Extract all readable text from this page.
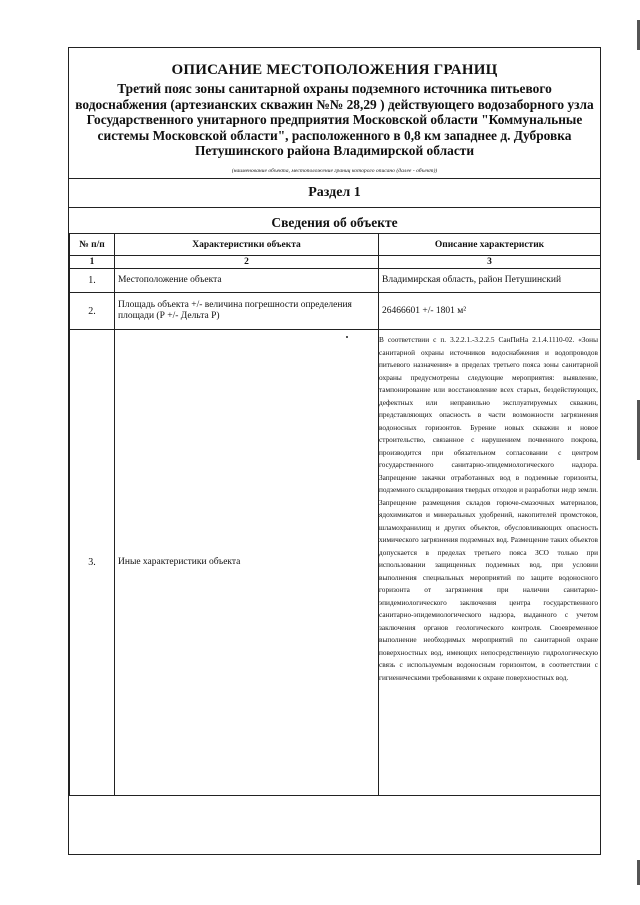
ОПИСАНИЕ МЕСТОПОЛОЖЕНИЯ ГРАНИЦ
Третий пояс зоны санитарной охраны подземного источника питьевого водоснабжения (артезианских скважин №№ 28,29 ) действующего водозаборного узла Государственного унитарного предприятия Московской области "Коммунальные системы Московской области", расположенного в 0,8 км западнее д. Дубровка Петушинского района Владимирской области
(наименование объекта, местоположение границ которого описано (далее - объект))
Раздел 1
Сведения об объекте
№ п/п	Характеристики объекта	Описание характеристик
1	2	3
1.	Местоположение объекта	Владимирская область, район Петушинский
2.	Площадь объекта +/- величина погрешности определения площади (Р +/- Дельта Р)	26466601 +/- 1801 м²
3.	Иные характеристики объекта	В соответствии с п. 3.2.2.1.-3.2.2.5 СанПиНа 2.1.4.1110-02. «Зоны санитарной охраны источников водоснабжения и водопроводов питьевого назначения» в пределах третьего пояса зоны санитарной охраны предусмотрены следующие мероприятия: выявление, тампонирование или восстановление всех старых, бездействующих, дефектных или неправильно эксплуатируемых скважин, представляющих опасность в части возможности загрязнения водоносных горизонтов. Бурение новых скважин и новое строительство, связанное с нарушением почвенного покрова, производится при обязательном согласовании с центром государственного санитарно-эпидемиологического надзора. Запрещение закачки отработанных вод в подземные горизонты, подземного складирования твердых отходов и разработки недр земли. Запрещение размещения складов горюче-смазочных материалов, ядохимикатов и минеральных удобрений, накопителей промстоков, шламохранилищ и других объектов, обусловливающих опасность химического загрязнения подземных вод. Размещение таких объектов допускается в пределах третьего пояса ЗСО только при использовании защищенных подземных вод, при условии выполнения специальных мероприятий по защите водоносного горизонта от загрязнения при наличии санитарно-эпидемиологического заключения центра государственного санитарно-эпидемиологического надзора, выданного с учетом заключения органов геологического контроля. Своевременное выполнение необходимых мероприятий по санитарной охране поверхностных вод, имеющих непосредственную гидрологическую связь с используемым водоносным горизонтом, в соответствии с гигиеническими требованиями к охране поверхностных вод.
